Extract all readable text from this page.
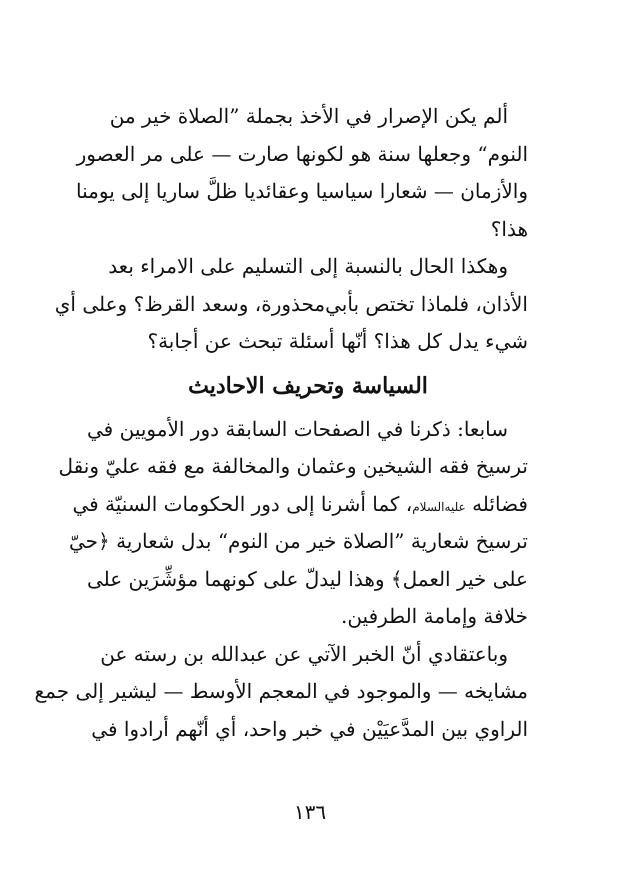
ألم يكن الإصرار في الأخذ بجملة ”الصلاة خير من
النوم“ وجعلها سنة هو لكونها صارت — على مر العصور
والأزمان — شعارا سياسيا وعقائديا ظلَّ ساريا إلى يومنا
هذا؟
وهكذا الحال بالنسبة إلى التسليم على الامراء بعد
الأذان، فلماذا تختص بأبي‌محذورة، وسعد القرظ؟ وعلى أي
شيء يدل كل هذا؟ أنّها أسئلة تبحث عن أجابة؟
السياسة وتحريف الاحاديث
سابعا: ذكرنا في الصفحات السابقة دور الأمويين في
ترسيخ فقه الشيخين وعثمان والمخالفة مع فقه عليّ ونقل
فضائله عليه‌السلام، كما أشرنا إلى دور الحكومات السنيّة في
ترسيخ شعارية ”الصلاة خير من النوم“ بدل شعارية ﴿حيّ
على خير العمل﴾ وهذا ليدلّ على كونهما مؤشِّرَين على
خلافة وإمامة الطرفين.
وباعتقادي أنّ الخبر الآتي عن عبدالله بن رسته عن
مشايخه — والموجود في المعجم الأوسط — ليشير إلى جمع
الراوي بين المدَّعيَيْن في خبر واحد، أي أنّهم أرادوا في
١٣٦
